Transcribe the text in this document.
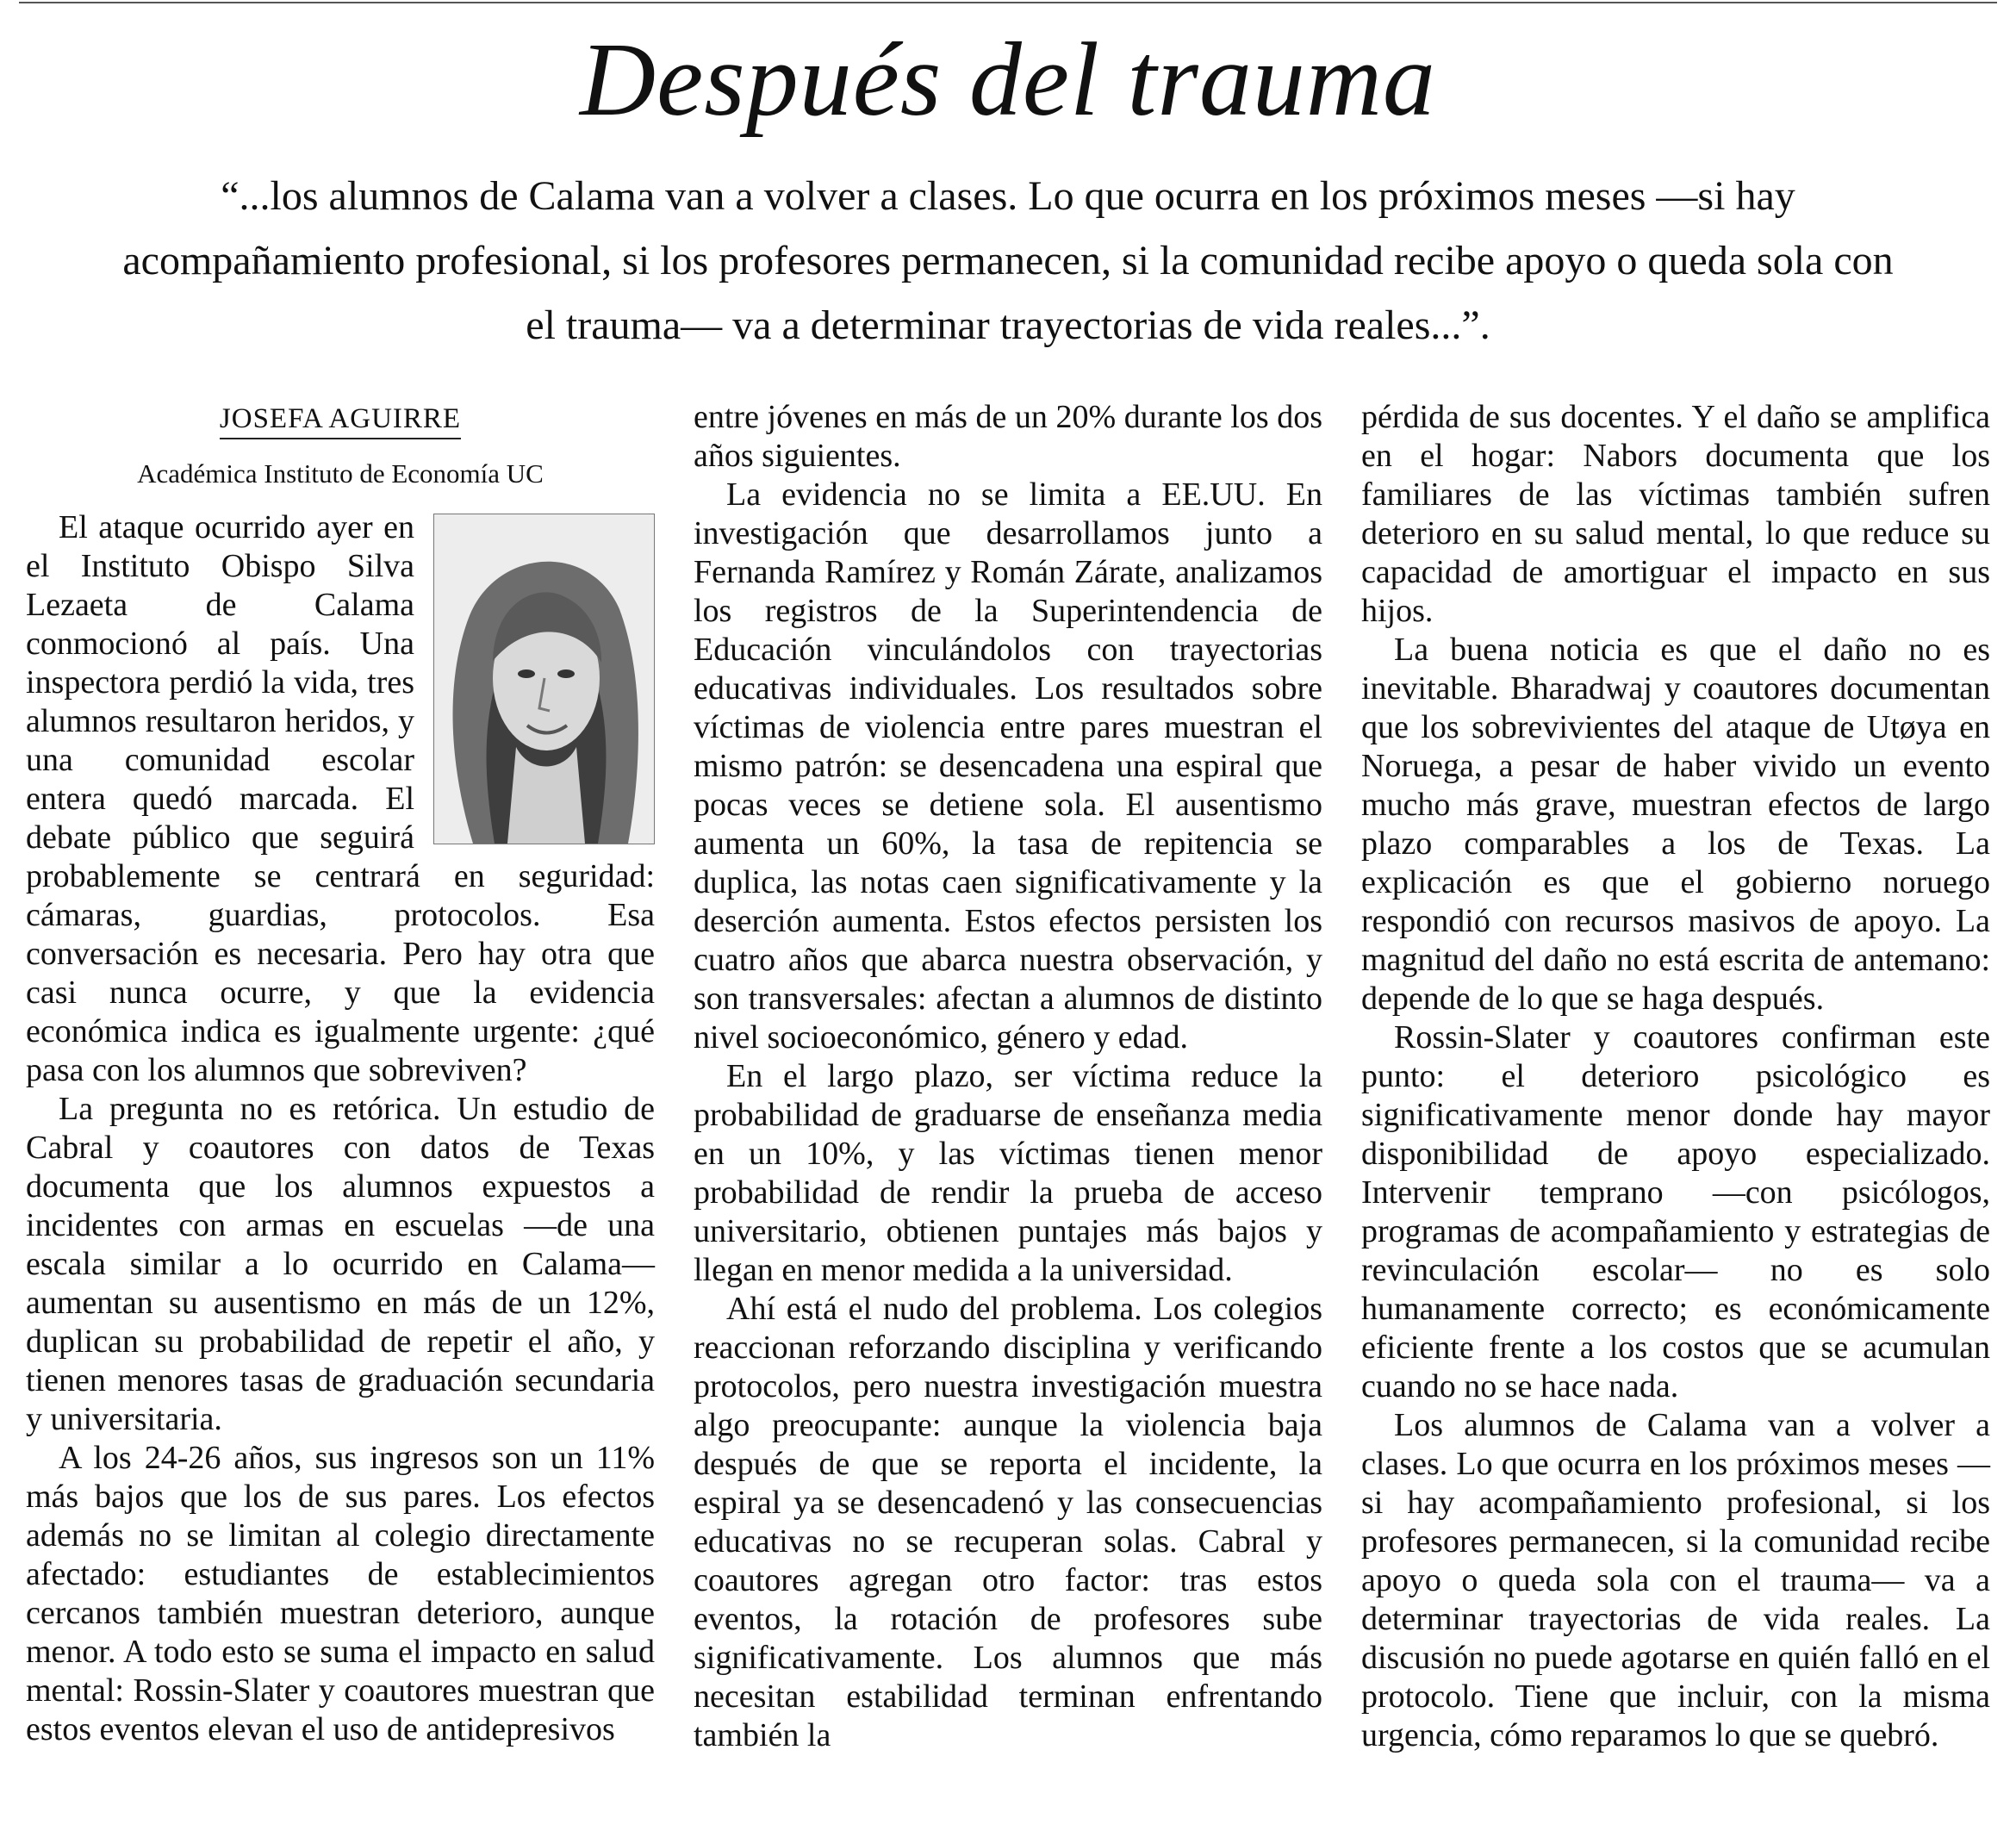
Después del trauma

“...los alumnos de Calama van a volver a clases. Lo que ocurra en los próximos meses —si hay acompañamiento profesional, si los profesores permanecen, si la comunidad recibe apoyo o queda sola con el trauma— va a determinar trayectorias de vida reales...”.

JOSEFA AGUIRRE
Académica Instituto de Economía UC

El ataque ocurrido ayer en el Instituto Obispo Silva Lezaeta de Calama conmocionó al país. Una inspectora perdió la vida, tres alumnos resultaron heridos, y una comunidad escolar entera quedó marcada. El debate público que seguirá probablemente se centrará en seguridad: cámaras, guardias, protocolos. Esa conversación es necesaria. Pero hay otra que casi nunca ocurre, y que la evidencia económica indica es igualmente urgente: ¿qué pasa con los alumnos que sobreviven?

La pregunta no es retórica. Un estudio de Cabral y coautores con datos de Texas documenta que los alumnos expuestos a incidentes con armas en escuelas —de una escala similar a lo ocurrido en Calama— aumentan su ausentismo en más de un 12%, duplican su probabilidad de repetir el año, y tienen menores tasas de graduación secundaria y universitaria.

A los 24-26 años, sus ingresos son un 11% más bajos que los de sus pares. Los efectos además no se limitan al colegio directamente afectado: estudiantes de establecimientos cercanos también muestran deterioro, aunque menor. A todo esto se suma el impacto en salud mental: Rossin-Slater y coautores muestran que estos eventos elevan el uso de antidepresivos

entre jóvenes en más de un 20% durante los dos años siguientes.

La evidencia no se limita a EE.UU. En investigación que desarrollamos junto a Fernanda Ramírez y Román Zárate, analizamos los registros de la Superintendencia de Educación vinculándolos con trayectorias educativas individuales. Los resultados sobre víctimas de violencia entre pares muestran el mismo patrón: se desencadena una espiral que pocas veces se detiene sola. El ausentismo aumenta un 60%, la tasa de repitencia se duplica, las notas caen significativamente y la deserción aumenta. Estos efectos persisten los cuatro años que abarca nuestra observación, y son transversales: afectan a alumnos de distinto nivel socioeconómico, género y edad.

En el largo plazo, ser víctima reduce la probabilidad de graduarse de enseñanza media en un 10%, y las víctimas tienen menor probabilidad de rendir la prueba de acceso universitario, obtienen puntajes más bajos y llegan en menor medida a la universidad.

Ahí está el nudo del problema. Los colegios reaccionan reforzando disciplina y verificando protocolos, pero nuestra investigación muestra algo preocupante: aunque la violencia baja después de que se reporta el incidente, la espiral ya se desencadenó y las consecuencias educativas no se recuperan solas. Cabral y coautores agregan otro factor: tras estos eventos, la rotación de profesores sube significativamente. Los alumnos que más necesitan estabilidad terminan enfrentando también la

pérdida de sus docentes. Y el daño se amplifica en el hogar: Nabors documenta que los familiares de las víctimas también sufren deterioro en su salud mental, lo que reduce su capacidad de amortiguar el impacto en sus hijos.

La buena noticia es que el daño no es inevitable. Bharadwaj y coautores documentan que los sobrevivientes del ataque de Utøya en Noruega, a pesar de haber vivido un evento mucho más grave, muestran efectos de largo plazo comparables a los de Texas. La explicación es que el gobierno noruego respondió con recursos masivos de apoyo. La magnitud del daño no está escrita de antemano: depende de lo que se haga después.

Rossin-Slater y coautores confirman este punto: el deterioro psicológico es significativamente menor donde hay mayor disponibilidad de apoyo especializado. Intervenir temprano —con psicólogos, programas de acompañamiento y estrategias de revinculación escolar— no es solo humanamente correcto; es económicamente eficiente frente a los costos que se acumulan cuando no se hace nada.

Los alumnos de Calama van a volver a clases. Lo que ocurra en los próximos meses —si hay acompañamiento profesional, si los profesores permanecen, si la comunidad recibe apoyo o queda sola con el trauma— va a determinar trayectorias de vida reales. La discusión no puede agotarse en quién falló en el protocolo. Tiene que incluir, con la misma urgencia, cómo reparamos lo que se quebró.
